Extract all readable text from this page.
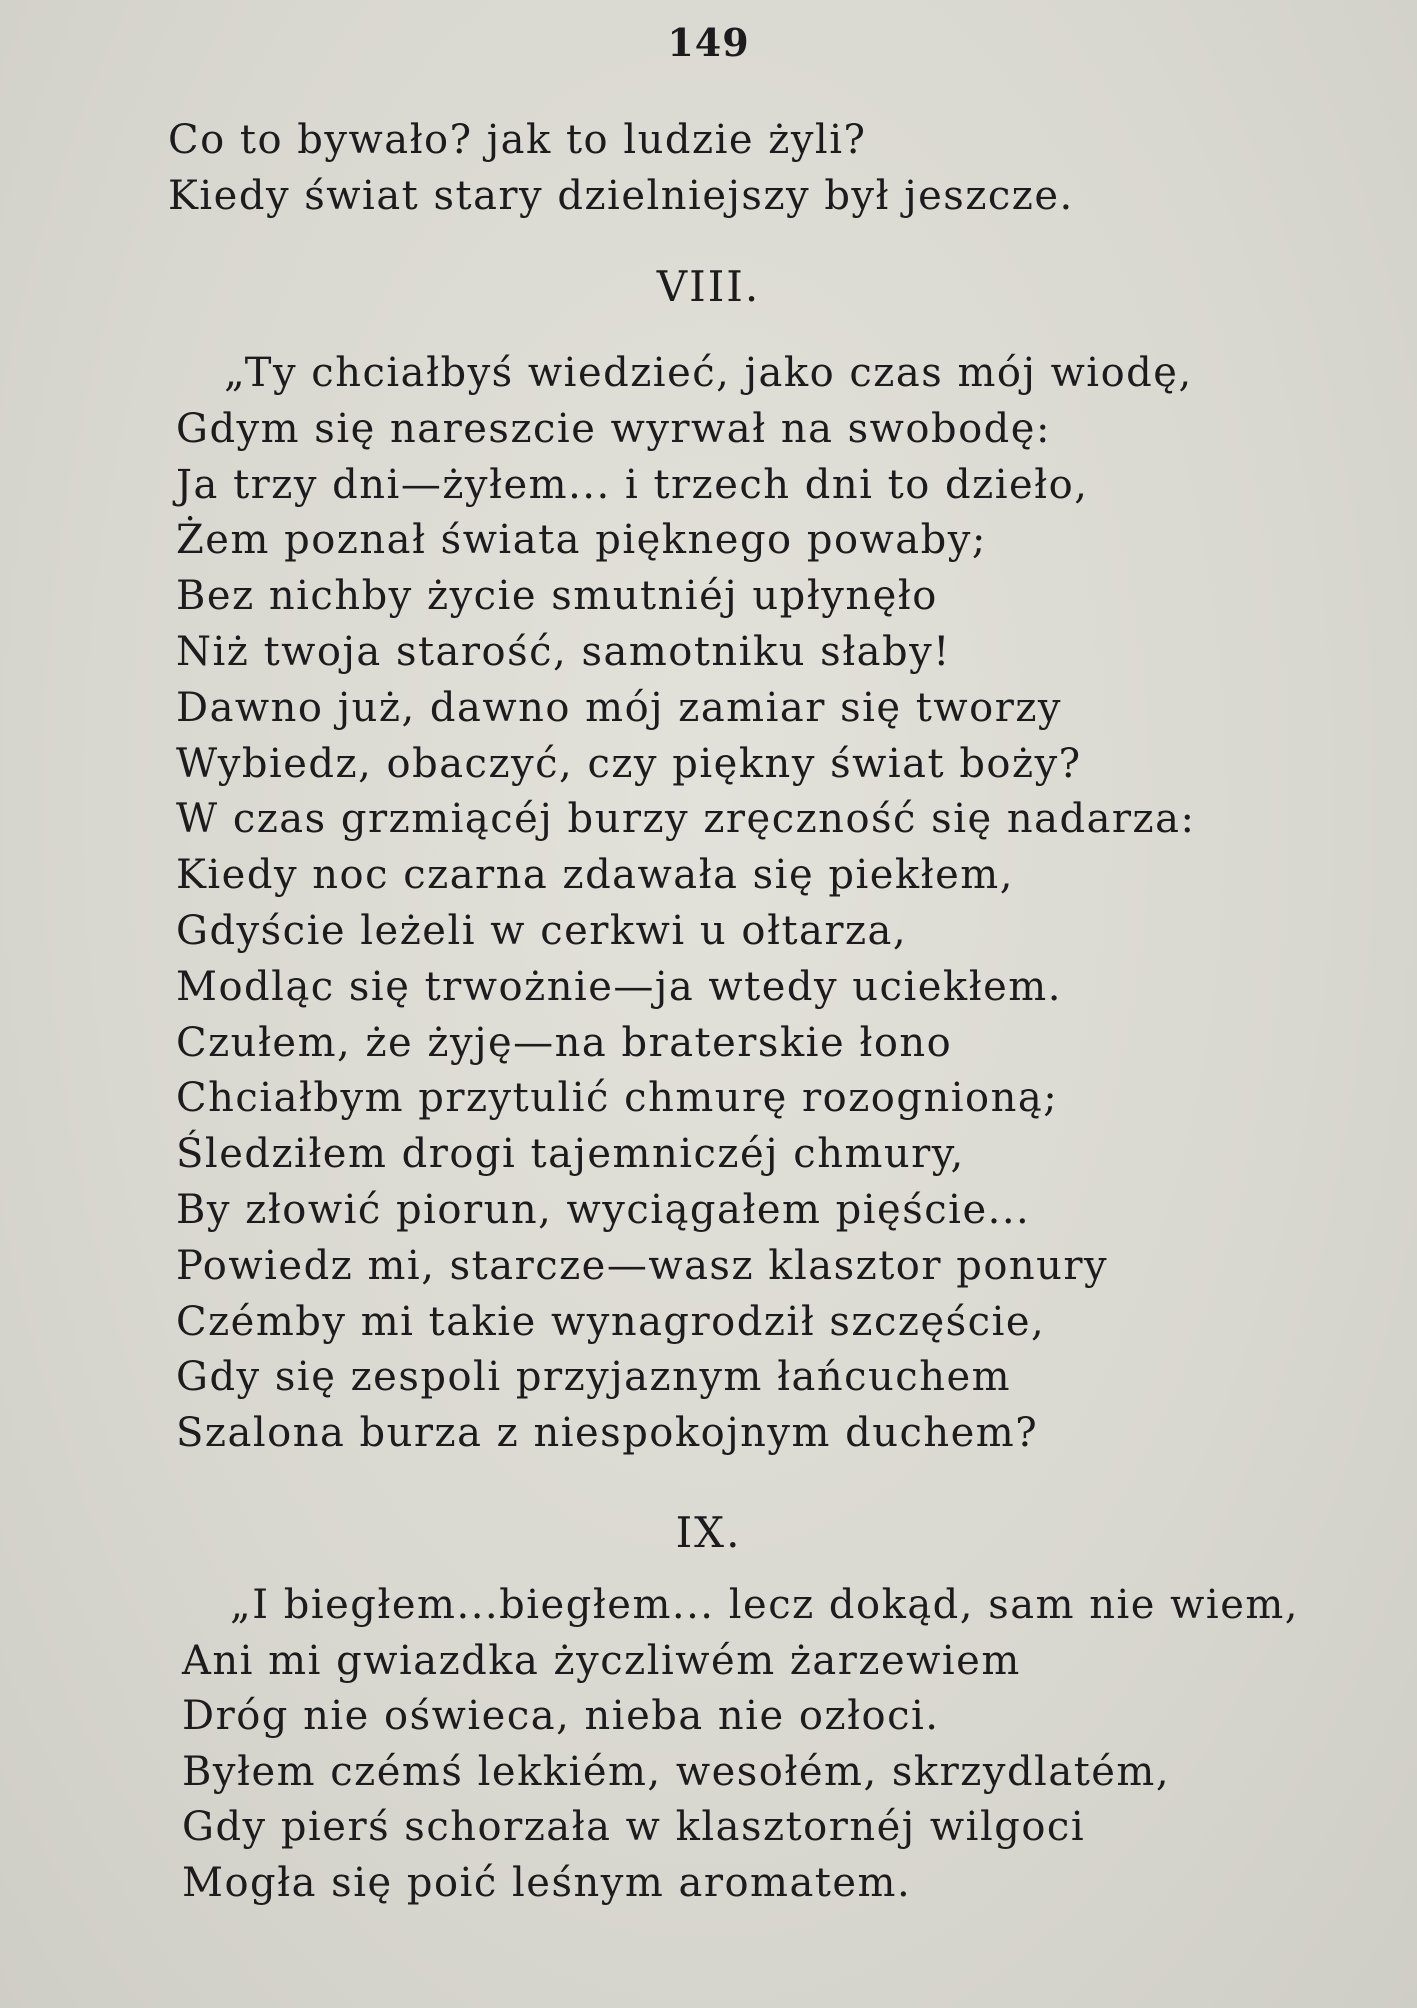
149
Co to bywało? jak to ludzie żyli?
Kiedy świat stary dzielniejszy był jeszcze.
VIII.
„Ty chciałbyś wiedzieć, jako czas mój wiodę,
Gdym się nareszcie wyrwał na swobodę:
Ja trzy dni—żyłem... i trzech dni to dzieło,
Żem poznał świata pięknego powaby;
Bez nichby życie smutniéj upłynęło
Niż twoja starość, samotniku słaby!
Dawno już, dawno mój zamiar się tworzy
Wybiedz, obaczyć, czy piękny świat boży?
W czas grzmiącéj burzy zręczność się nadarza:
Kiedy noc czarna zdawała się piekłem,
Gdyście leżeli w cerkwi u ołtarza,
Modląc się trwożnie—ja wtedy uciekłem.
Czułem, że żyję—na braterskie łono
Chciałbym przytulić chmurę rozognioną;
Śledziłem drogi tajemniczéj chmury,
By złowić piorun, wyciągałem pięście...
Powiedz mi, starcze—wasz klasztor ponury
Czémby mi takie wynagrodził szczęście,
Gdy się zespoli przyjaznym łańcuchem
Szalona burza z niespokojnym duchem?
IX.
„I biegłem...biegłem... lecz dokąd, sam nie wiem,
Ani mi gwiazdka życzliwém żarzewiem
Dróg nie oświeca, nieba nie ozłoci.
Byłem czémś lekkiém, wesołém, skrzydlatém,
Gdy pierś schorzała w klasztornéj wilgoci
Mogła się poić leśnym aromatem.
